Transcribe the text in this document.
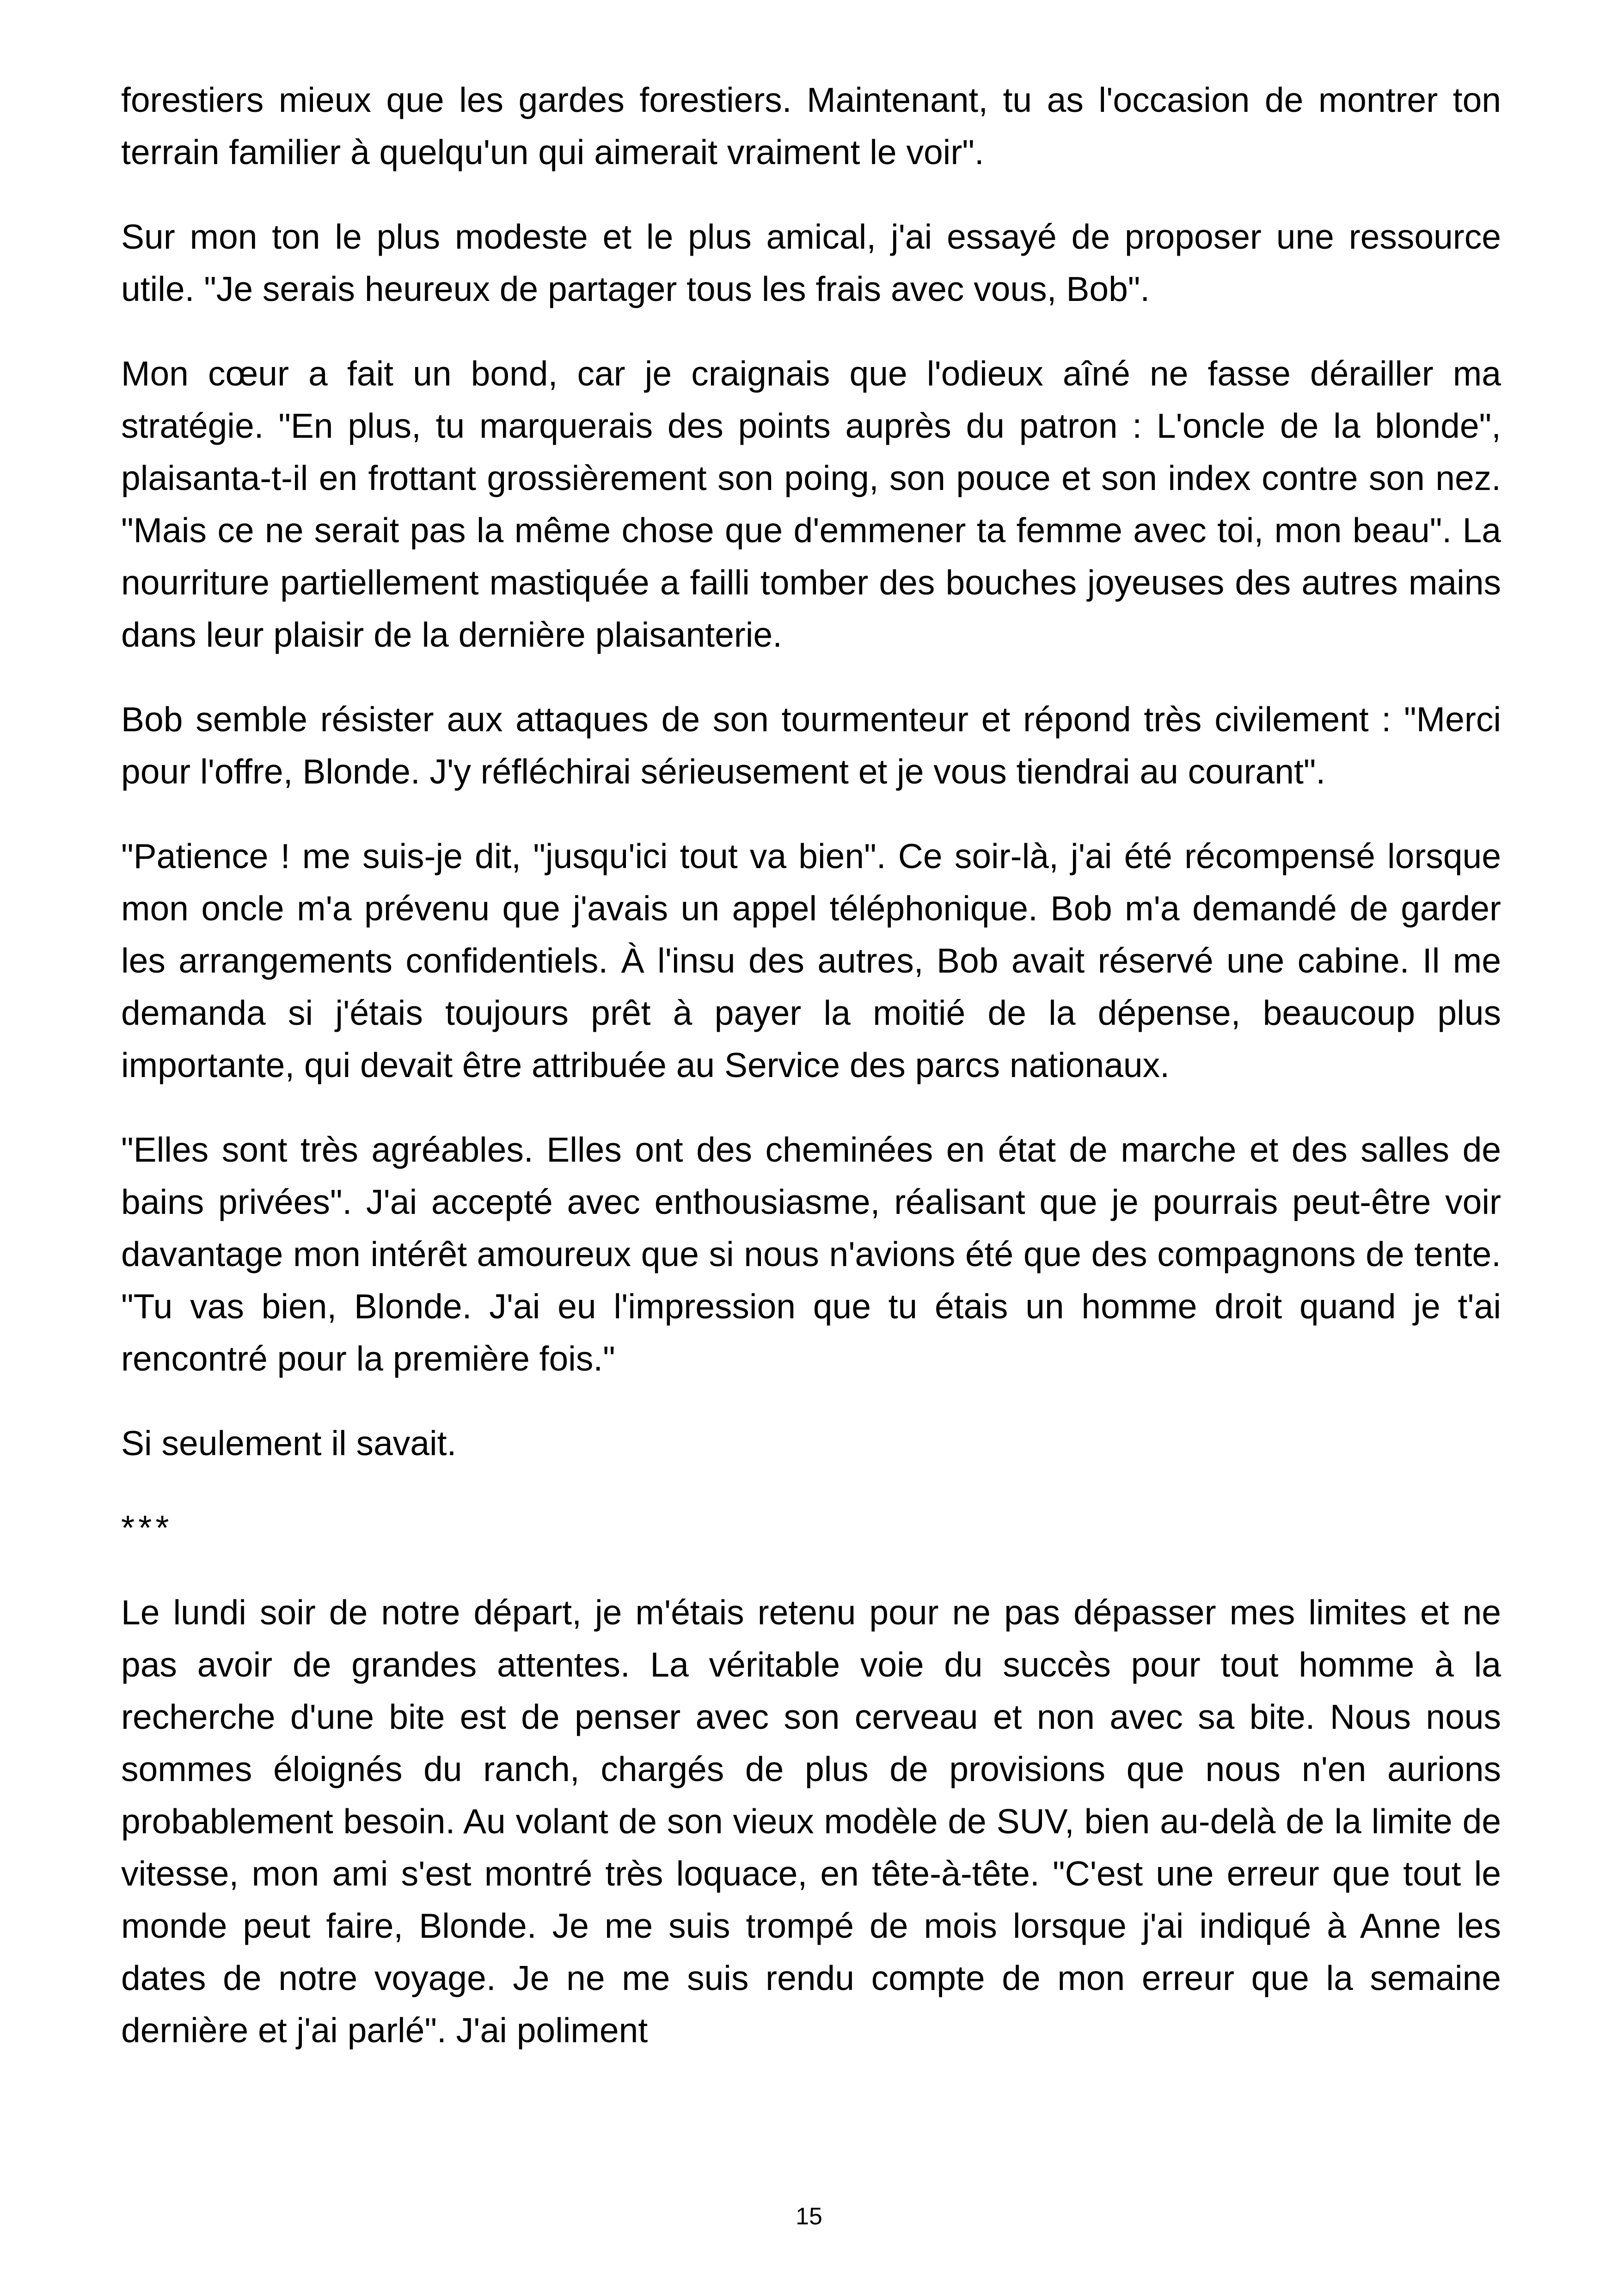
forestiers mieux que les gardes forestiers. Maintenant, tu as l'occasion de montrer ton terrain familier à quelqu'un qui aimerait vraiment le voir".

Sur mon ton le plus modeste et le plus amical, j'ai essayé de proposer une ressource utile. "Je serais heureux de partager tous les frais avec vous, Bob".

Mon cœur a fait un bond, car je craignais que l'odieux aîné ne fasse dérailler ma stratégie. "En plus, tu marquerais des points auprès du patron : L'oncle de la blonde", plaisanta-t-il en frottant grossièrement son poing, son pouce et son index contre son nez. "Mais ce ne serait pas la même chose que d'emmener ta femme avec toi, mon beau". La nourriture partiellement mastiquée a failli tomber des bouches joyeuses des autres mains dans leur plaisir de la dernière plaisanterie.

Bob semble résister aux attaques de son tourmenteur et répond très civilement : "Merci pour l'offre, Blonde. J'y réfléchirai sérieusement et je vous tiendrai au courant".

"Patience ! me suis-je dit, "jusqu'ici tout va bien". Ce soir-là, j'ai été récompensé lorsque mon oncle m'a prévenu que j'avais un appel téléphonique. Bob m'a demandé de garder les arrangements confidentiels. À l'insu des autres, Bob avait réservé une cabine. Il me demanda si j'étais toujours prêt à payer la moitié de la dépense, beaucoup plus importante, qui devait être attribuée au Service des parcs nationaux.

"Elles sont très agréables. Elles ont des cheminées en état de marche et des salles de bains privées". J'ai accepté avec enthousiasme, réalisant que je pourrais peut-être voir davantage mon intérêt amoureux que si nous n'avions été que des compagnons de tente. "Tu vas bien, Blonde. J'ai eu l'impression que tu étais un homme droit quand je t'ai rencontré pour la première fois."

Si seulement il savait.

***

Le lundi soir de notre départ, je m'étais retenu pour ne pas dépasser mes limites et ne pas avoir de grandes attentes. La véritable voie du succès pour tout homme à la recherche d'une bite est de penser avec son cerveau et non avec sa bite. Nous nous sommes éloignés du ranch, chargés de plus de provisions que nous n'en aurions probablement besoin. Au volant de son vieux modèle de SUV, bien au-delà de la limite de vitesse, mon ami s'est montré très loquace, en tête-à-tête. "C'est une erreur que tout le monde peut faire, Blonde. Je me suis trompé de mois lorsque j'ai indiqué à Anne les dates de notre voyage. Je ne me suis rendu compte de mon erreur que la semaine dernière et j'ai parlé". J'ai poliment

15
